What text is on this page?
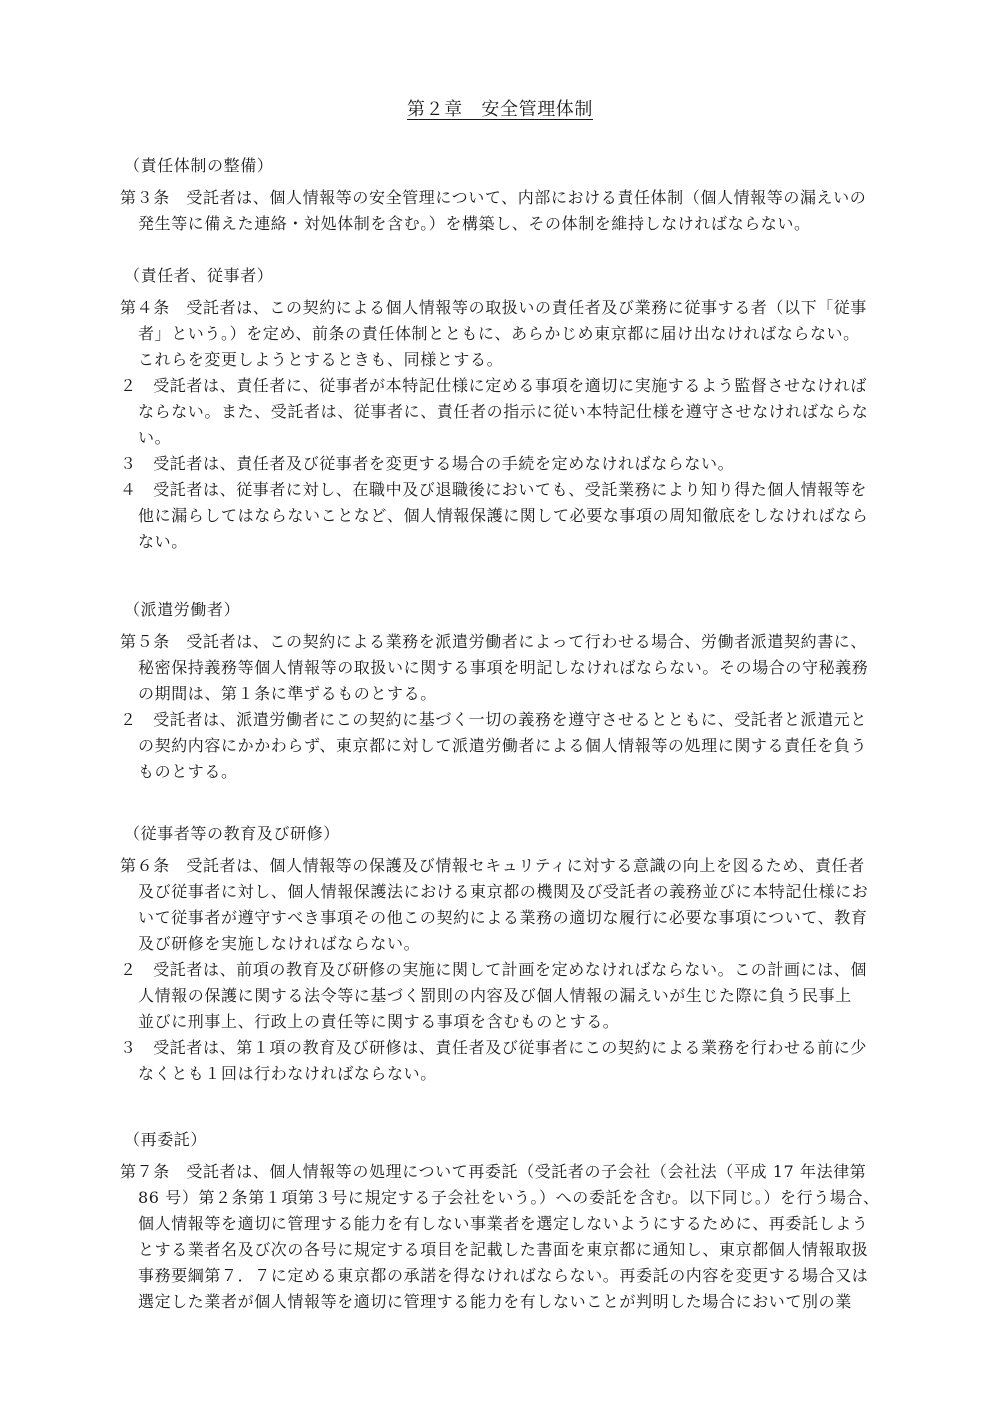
第２章　安全管理体制
（責任体制の整備）
第３条　受託者は、個人情報等の安全管理について、内部における責任体制（個人情報等の漏えいの
発生等に備えた連絡・対処体制を含む。）を構築し、その体制を維持しなければならない。
（責任者、従事者）
第４条　受託者は、この契約による個人情報等の取扱いの責任者及び業務に従事する者（以下「従事
者」という。）を定め、前条の責任体制とともに、あらかじめ東京都に届け出なければならない。
これらを変更しようとするときも、同様とする。
２　受託者は、責任者に、従事者が本特記仕様に定める事項を適切に実施するよう監督させなければ
ならない。また、受託者は、従事者に、責任者の指示に従い本特記仕様を遵守させなければならな
い。
３　受託者は、責任者及び従事者を変更する場合の手続を定めなければならない。
４　受託者は、従事者に対し、在職中及び退職後においても、受託業務により知り得た個人情報等を
他に漏らしてはならないことなど、個人情報保護に関して必要な事項の周知徹底をしなければなら
ない。
（派遣労働者）
第５条　受託者は、この契約による業務を派遣労働者によって行わせる場合、労働者派遣契約書に、
秘密保持義務等個人情報等の取扱いに関する事項を明記しなければならない。その場合の守秘義務
の期間は、第１条に準ずるものとする。
２　受託者は、派遣労働者にこの契約に基づく一切の義務を遵守させるとともに、受託者と派遣元と
の契約内容にかかわらず、東京都に対して派遣労働者による個人情報等の処理に関する責任を負う
ものとする。
（従事者等の教育及び研修）
第６条　受託者は、個人情報等の保護及び情報セキュリティに対する意識の向上を図るため、責任者
及び従事者に対し、個人情報保護法における東京都の機関及び受託者の義務並びに本特記仕様にお
いて従事者が遵守すべき事項その他この契約による業務の適切な履行に必要な事項について、教育
及び研修を実施しなければならない。
２　受託者は、前項の教育及び研修の実施に関して計画を定めなければならない。この計画には、個
人情報の保護に関する法令等に基づく罰則の内容及び個人情報の漏えいが生じた際に負う民事上
並びに刑事上、行政上の責任等に関する事項を含むものとする。
３　受託者は、第１項の教育及び研修は、責任者及び従事者にこの契約による業務を行わせる前に少
なくとも１回は行わなければならない。
（再委託）
第７条　受託者は、個人情報等の処理について再委託（受託者の子会社（会社法（平成 17 年法律第
86 号）第２条第１項第３号に規定する子会社をいう。）への委託を含む。以下同じ。）を行う場合、
個人情報等を適切に管理する能力を有しない事業者を選定しないようにするために、再委託しよう
とする業者名及び次の各号に規定する項目を記載した書面を東京都に通知し、東京都個人情報取扱
事務要綱第７．７に定める東京都の承諾を得なければならない。再委託の内容を変更する場合又は
選定した業者が個人情報等を適切に管理する能力を有しないことが判明した場合において別の業
